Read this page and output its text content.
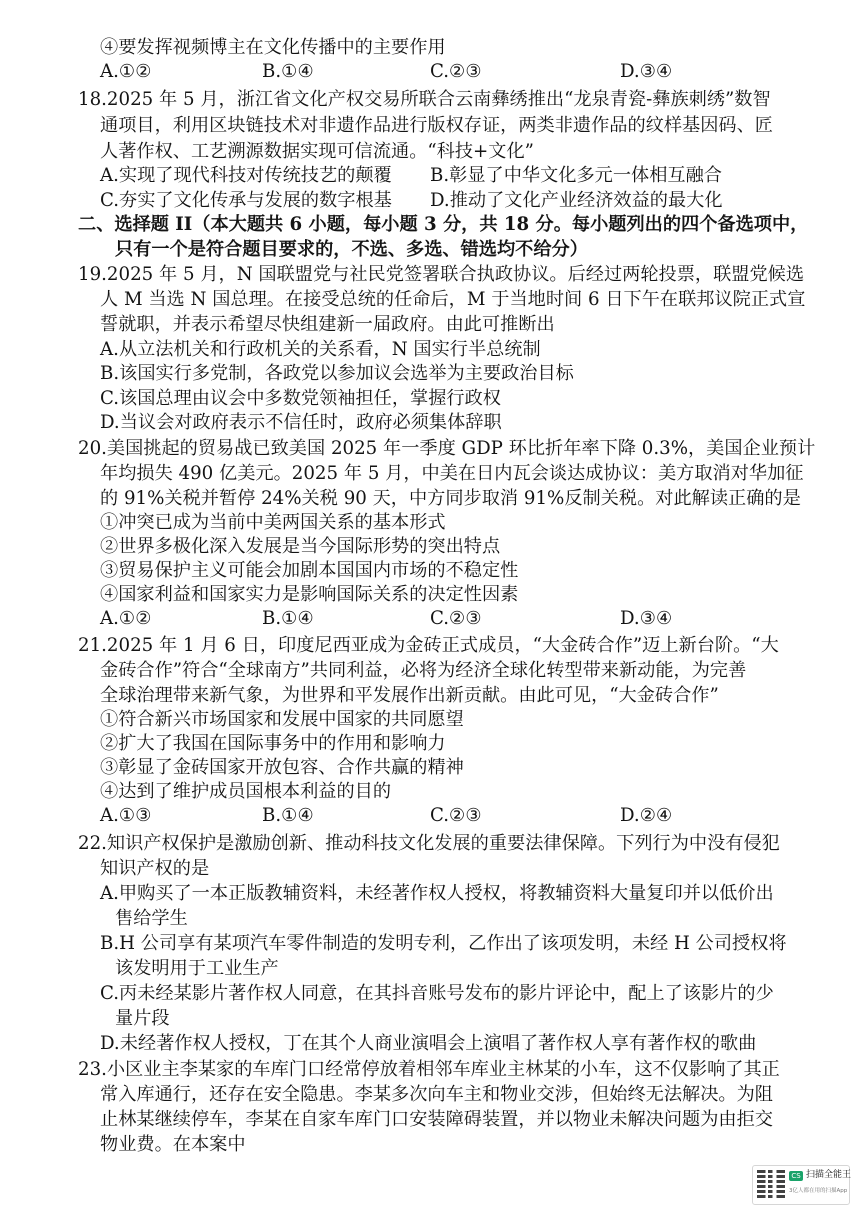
④要发挥视频博主在文化传播中的主要作用
A.①②	B.①④	C.②③	D.③④
18.2025 年 5 月，浙江省文化产权交易所联合云南彝绣推出“龙泉青瓷-彝族刺绣”数智
通项目，利用区块链技术对非遗作品进行版权存证，两类非遗作品的纹样基因码、匠
人著作权、工艺溯源数据实现可信流通。“科技+文化”
A.实现了现代科技对传统技艺的颠覆 B.彰显了中华文化多元一体相互融合
C.夯实了文化传承与发展的数字根基 D.推动了文化产业经济效益的最大化
二、选择题 II（本大题共 6 小题，每小题 3 分，共 18 分。每小题列出的四个备选项中，
只有一个是符合题目要求的，不选、多选、错选均不给分）
19.2025 年 5 月，N 国联盟党与社民党签署联合执政协议。后经过两轮投票，联盟党候选
人 M 当选 N 国总理。在接受总统的任命后，M 于当地时间 6 日下午在联邦议院正式宣
誓就职，并表示希望尽快组建新一届政府。由此可推断出
A.从立法机关和行政机关的关系看，N 国实行半总统制
B.该国实行多党制，各政党以参加议会选举为主要政治目标
C.该国总理由议会中多数党领袖担任，掌握行政权
D.当议会对政府表示不信任时，政府必须集体辞职
20.美国挑起的贸易战已致美国 2025 年一季度 GDP 环比折年率下降 0.3%，美国企业预计
年均损失 490 亿美元。2025 年 5 月，中美在日内瓦会谈达成协议：美方取消对华加征
的 91%关税并暂停 24%关税 90 天，中方同步取消 91%反制关税。对此解读正确的是
①冲突已成为当前中美两国关系的基本形式
②世界多极化深入发展是当今国际形势的突出特点
③贸易保护主义可能会加剧本国国内市场的不稳定性
④国家利益和国家实力是影响国际关系的决定性因素
A.①②	B.①④	C.②③	D.③④
21.2025 年 1 月 6 日，印度尼西亚成为金砖正式成员，“大金砖合作”迈上新台阶。“大
金砖合作”符合“全球南方”共同利益，必将为经济全球化转型带来新动能，为完善
全球治理带来新气象，为世界和平发展作出新贡献。由此可见，“大金砖合作”
①符合新兴市场国家和发展中国家的共同愿望
②扩大了我国在国际事务中的作用和影响力
③彰显了金砖国家开放包容、合作共赢的精神
④达到了维护成员国根本利益的目的
A.①③	B.①④	C.②③	D.②④
22.知识产权保护是激励创新、推动科技文化发展的重要法律保障。下列行为中没有侵犯
知识产权的是
A.甲购买了一本正版教辅资料，未经著作权人授权，将教辅资料大量复印并以低价出
售给学生
B.H 公司享有某项汽车零件制造的发明专利，乙作出了该项发明，未经 H 公司授权将
该发明用于工业生产
C.丙未经某影片著作权人同意，在其抖音账号发布的影片评论中，配上了该影片的少
量片段
D.未经著作权人授权，丁在其个人商业演唱会上演唱了著作权人享有著作权的歌曲
23.小区业主李某家的车库门口经常停放着相邻车库业主林某的小车，这不仅影响了其正
常入库通行，还存在安全隐患。李某多次向车主和物业交涉，但始终无法解决。为阻
止林某继续停车，李某在自家车库门口安装障碍装置，并以物业未解决问题为由拒交
物业费。在本案中
CS 扫描全能王
3亿人都在用的扫描App
